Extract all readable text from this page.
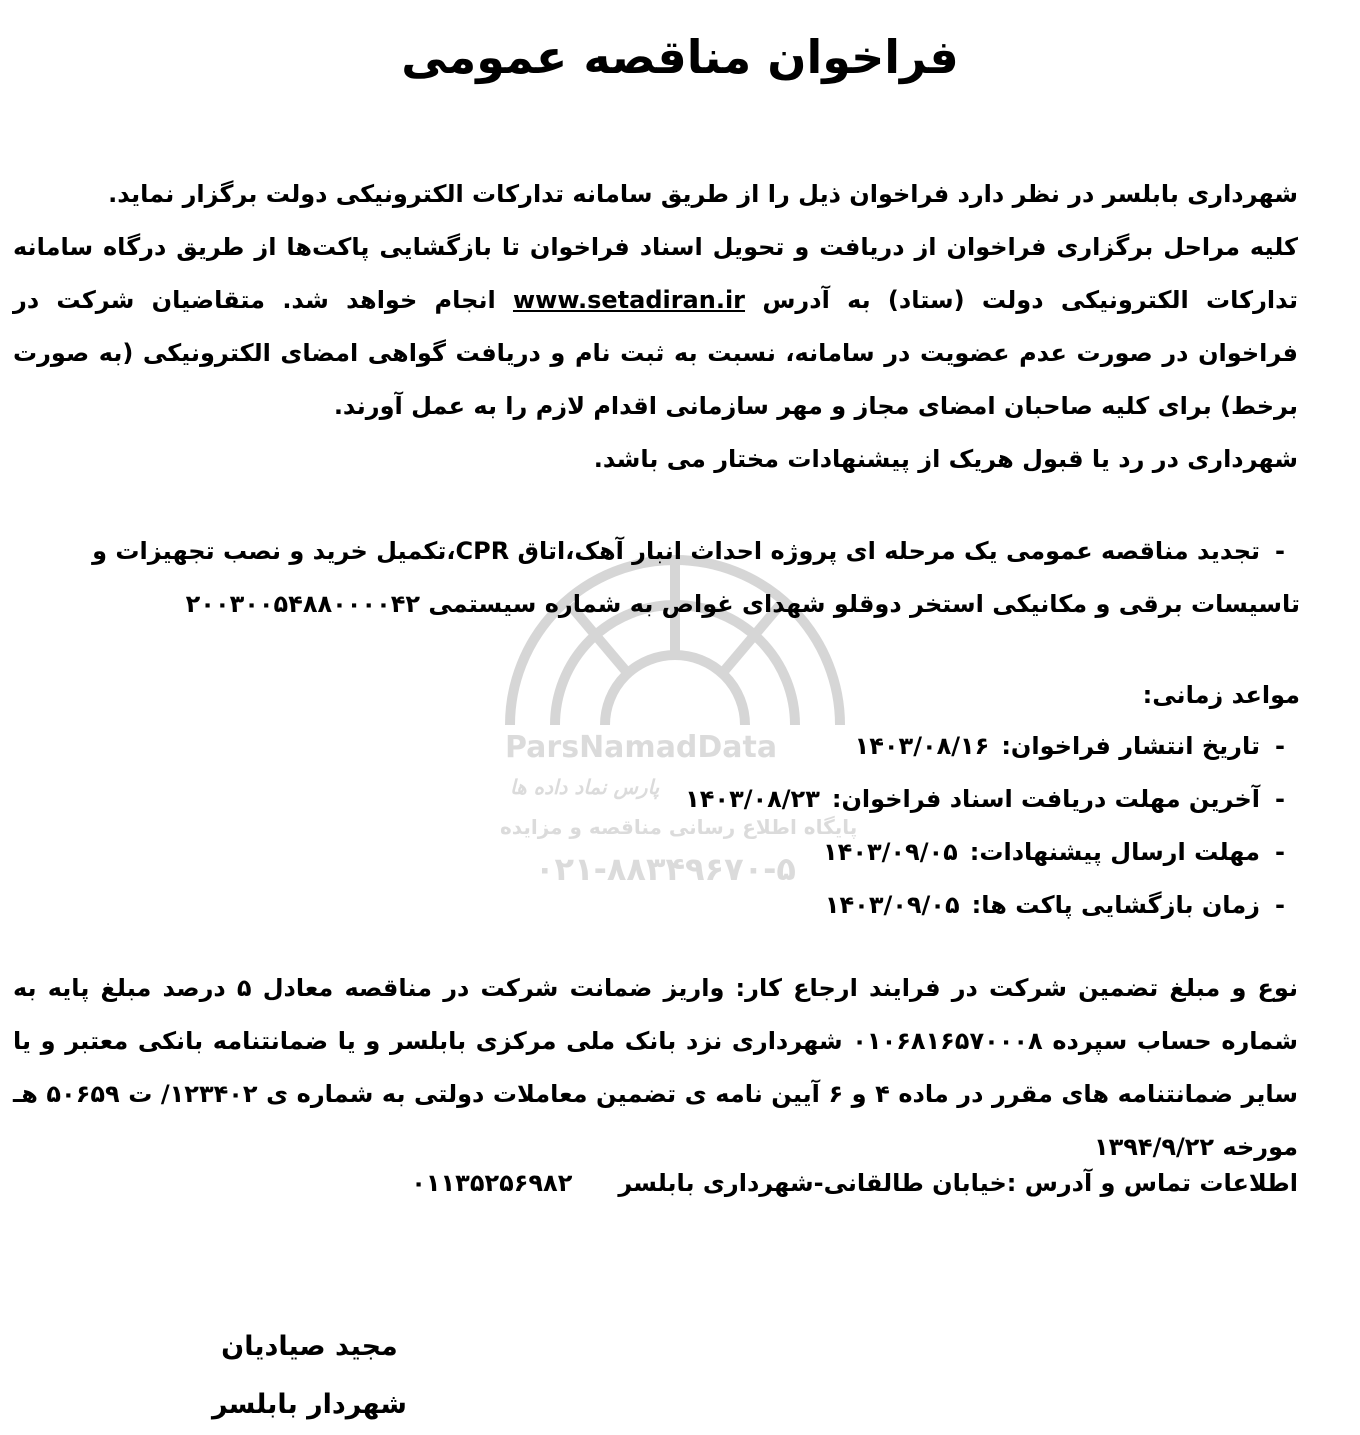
ParsNamadData
پارس نماد داده ها
پایگاه اطلاع رسانی مناقصه و مزایده
۰۲۱-۸۸۳۴۹۶۷۰-۵
فراخوان مناقصه عمومی

شهرداری بابلسر در نظر دارد فراخوان ذیل را از طریق سامانه تدارکات الکترونیکی دولت برگزار نماید.

کلیه مراحل برگزاری فراخوان از دریافت و تحویل اسناد فراخوان تا بازگشایی پاکت‌ها از طریق درگاه سامانه تدارکات الکترونیکی دولت (ستاد) به آدرس www.setadiran.ir انجام خواهد شد. متقاضیان شرکت در فراخوان در صورت عدم عضویت در سامانه، نسبت به ثبت نام و دریافت گواهی امضای الکترونیکی (به صورت برخط) برای کلیه صاحبان امضای مجاز و مهر سازمانی اقدام لازم را به عمل آورند.

شهرداری در رد یا قبول هریک از پیشنهادات مختار می باشد.

-تجدید مناقصه عمومی یک مرحله ای پروژه احداث انبار آهک،اتاق CPR،تکمیل خرید و نصب تجهیزات و تاسیسات برقی و مکانیکی استخر دوقلو شهدای غواص به شماره سیستمی ۲۰۰۳۰۰۵۴۸۸۰۰۰۰۴۲
مواعد زمانی:
-تاریخ انتشار فراخوان:۱۴۰۳/۰۸/۱۶
-آخرین مهلت دریافت اسناد فراخوان:۱۴۰۳/۰۸/۲۳
-مهلت ارسال پیشنهادات:۱۴۰۳/۰۹/۰۵
-زمان بازگشایی پاکت ها:۱۴۰۳/۰۹/۰۵
نوع و مبلغ تضمین شرکت در فرایند ارجاع کار: واریز ضمانت شرکت در مناقصه معادل ۵ درصد مبلغ پایه به شماره حساب سپرده ۰۱۰۶۸۱۶۵۷۰۰۰۸ شهرداری نزد بانک ملی مرکزی بابلسر و یا ضمانتنامه بانکی معتبر و یا سایر ضمانتنامه های مقرر در ماده ۴ و ۶ آیین نامه ی تضمین معاملات دولتی به شماره ی ۱۲۳۴۰۲/ ت ۵۰۶۵۹ هـ مورخه ۱۳۹۴/۹/۲۲
اطلاعات تماس و آدرس :خیابان طالقانی-شهرداری بابلسر۰۱۱۳۵۲۵۶۹۸۲
مجید صیادیان
شهردار بابلسر
